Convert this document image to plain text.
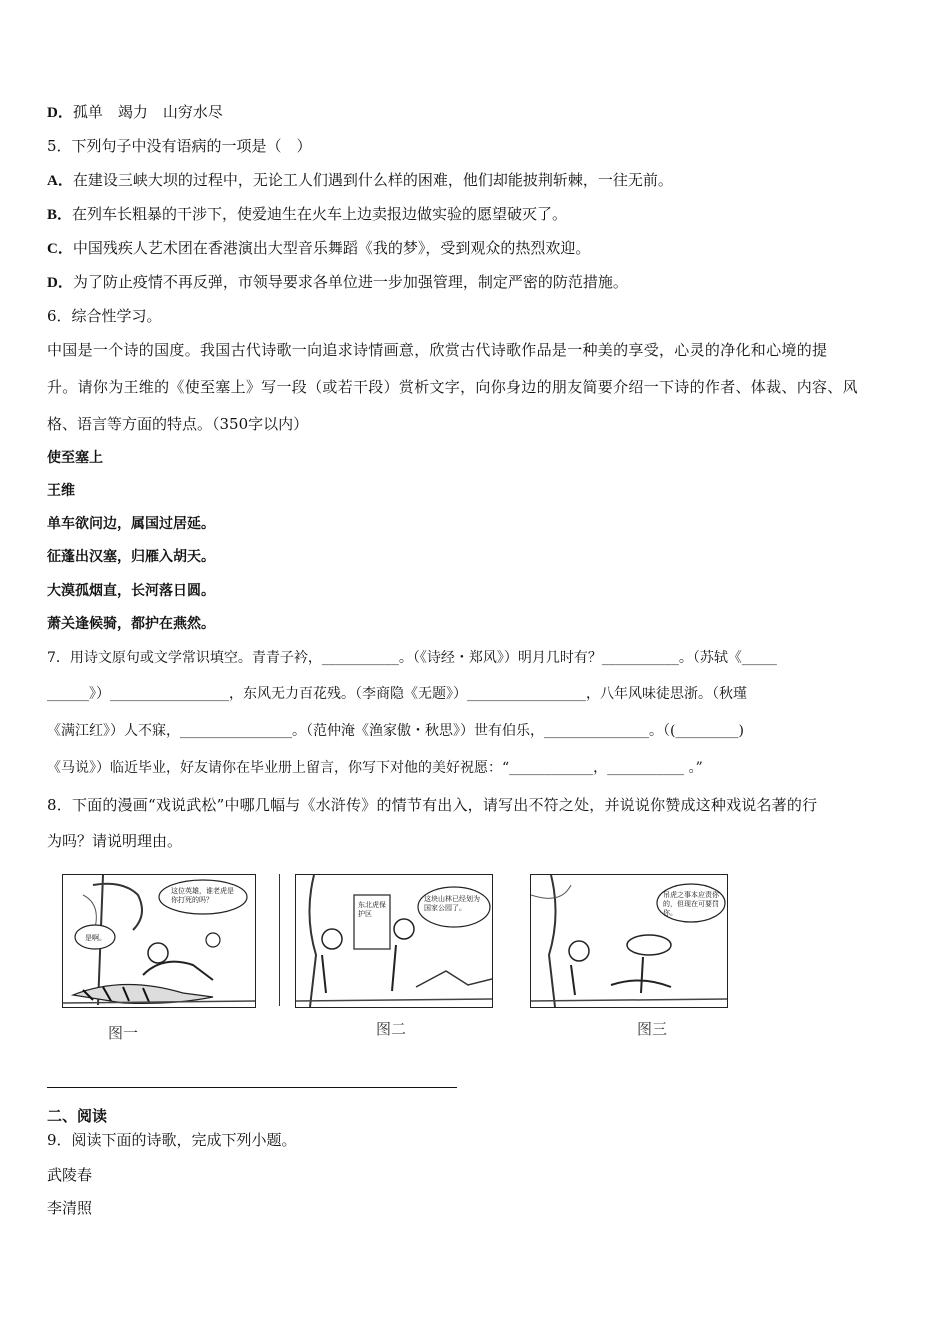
D．孤单　竭力　山穷水尽
5．下列句子中没有语病的一项是（　）
A．在建设三峡大坝的过程中，无论工人们遇到什么样的困难，他们却能披荆斩棘，一往无前。
B．在列车长粗暴的干涉下，使爱迪生在火车上边卖报边做实验的愿望破灭了。
C．中国残疾人艺术团在香港演出大型音乐舞蹈《我的梦》，受到观众的热烈欢迎。
D．为了防止疫情不再反弹，市领导要求各单位进一步加强管理，制定严密的防范措施。
6．综合性学习。
中国是一个诗的国度。我国古代诗歌一向追求诗情画意，欣赏古代诗歌作品是一种美的享受，心灵的净化和心境的提
升。请你为王维的《使至塞上》写一段（或若干段）赏析文字，向你身边的朋友简要介绍一下诗的作者、体裁、内容、风
格、语言等方面的特点。（350字以内）
使至塞上
王维
单车欲问边，属国过居延。
征蓬出汉塞，归雁入胡天。
大漠孤烟直，长河落日圆。
萧关逢候骑，都护在燕然。
7．用诗文原句或文学常识填空。青青子衿，___________。（《诗经・郑风》）明月几时有？___________。（苏轼《_____
______》）_________________，东风无力百花残。（李商隐《无题》）_________________，八年风味徒思浙。（秋瑾
《满江红》）人不寐，________________。（范仲淹《渔家傲・秋思》）世有伯乐，_______________。（(_________)
《马说》）临近毕业，好友请你在毕业册上留言，你写下对他的美好祝愿：“____________，___________ 。”
8．下面的漫画“戏说武松”中哪几幅与《水浒传》的情节有出入，请写出不符之处，并说说你赞成这种戏说名著的行
为吗？请说明理由。
这位英雄，谁老虎是你打死的吗？
是啊。
这块山林已经划为国家公园了。
东北虎保护区
吊虎之事本应责你的，但现在可要罚你。
图一	图二	图三
二、阅读
9．阅读下面的诗歌，完成下列小题。
武陵春
李清照
